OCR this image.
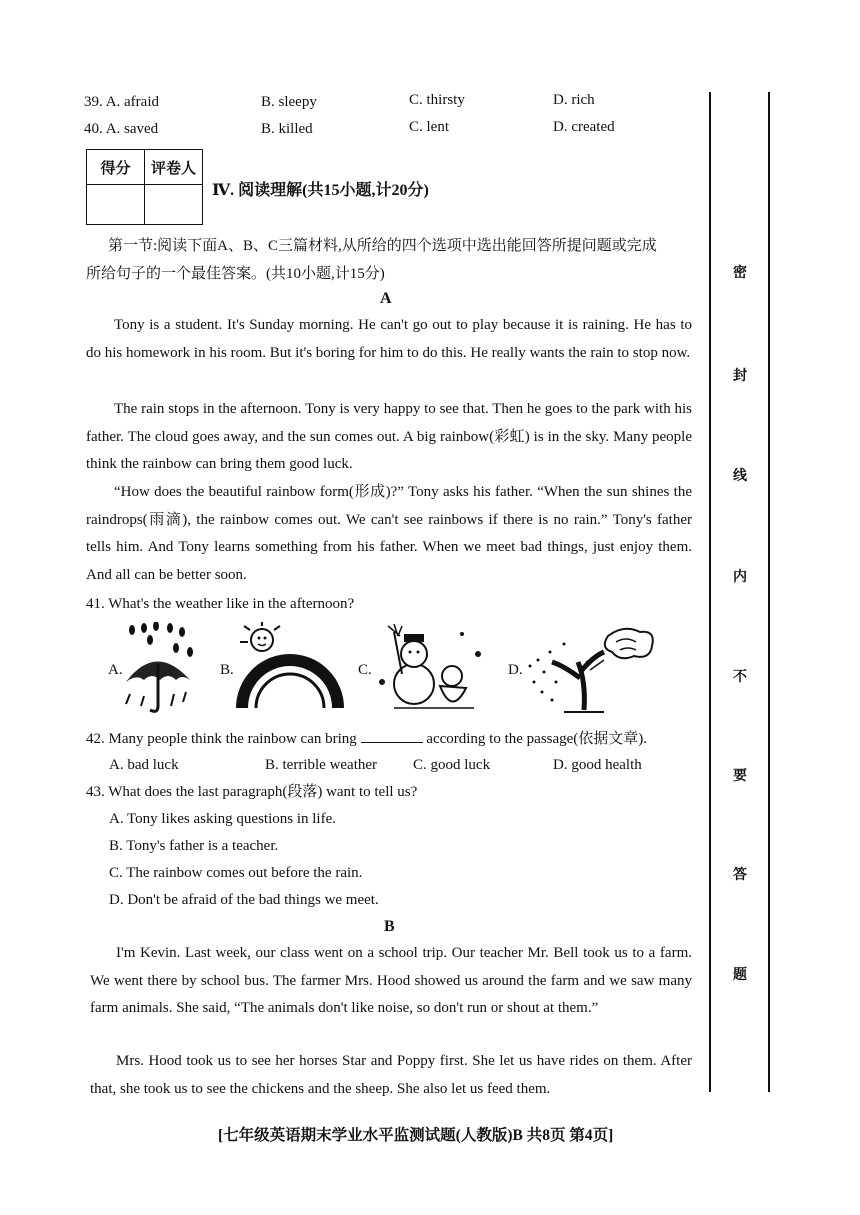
39. A. afraid	B. sleepy	C. thirsty	D. rich
40. A. saved	B. killed	C. lent	D. created
得分	评卷人

Ⅳ. 阅读理解(共15小题,计20分)
第一节:阅读下面A、B、C三篇材料,从所给的四个选项中选出能回答所提问题或完成
所给句子的一个最佳答案。(共10小题,计15分)
A
Tony is a student. It's Sunday morning. He can't go out to play because it is raining. He has to do his homework in his room. But it's boring for him to do this. He really wants the rain to stop now.
The rain stops in the afternoon. Tony is very happy to see that. Then he goes to the park with his father. The cloud goes away, and the sun comes out. A big rainbow(彩虹) is in the sky. Many people think the rainbow can bring them good luck.
“How does the beautiful rainbow form(形成)?” Tony asks his father. “When the sun shines the raindrops(雨滴), the rainbow comes out. We can't see rainbows if there is no rain.” Tony's father tells him. And Tony learns something from his father. When we meet bad things, just enjoy them. And all can be better soon.
41. What's the weather like in the afternoon?
A.	B.	C.	D.
42. Many people think the rainbow can bring	according to the passage(依据文章).
A. bad luck	B. terrible weather C. good luck	D. good health
43. What does the last paragraph(段落) want to tell us?
A. Tony likes asking questions in life.
B. Tony's father is a teacher.
C. The rainbow comes out before the rain.
D. Don't be afraid of the bad things we meet.
B
I'm Kevin. Last week, our class went on a school trip. Our teacher Mr. Bell took us to a farm. We went there by school bus. The farmer Mrs. Hood showed us around the farm and we saw many farm animals. She said, “The animals don't like noise, so don't run or shout at them.”
Mrs. Hood took us to see her horses Star and Poppy first. She let us have rides on them. After that, she took us to see the chickens and the sheep. She also let us feed them.
[七年级英语期末学业水平监测试题(人教版)B 共8页 第4页]
密
封
线
内
不
要
答
题
